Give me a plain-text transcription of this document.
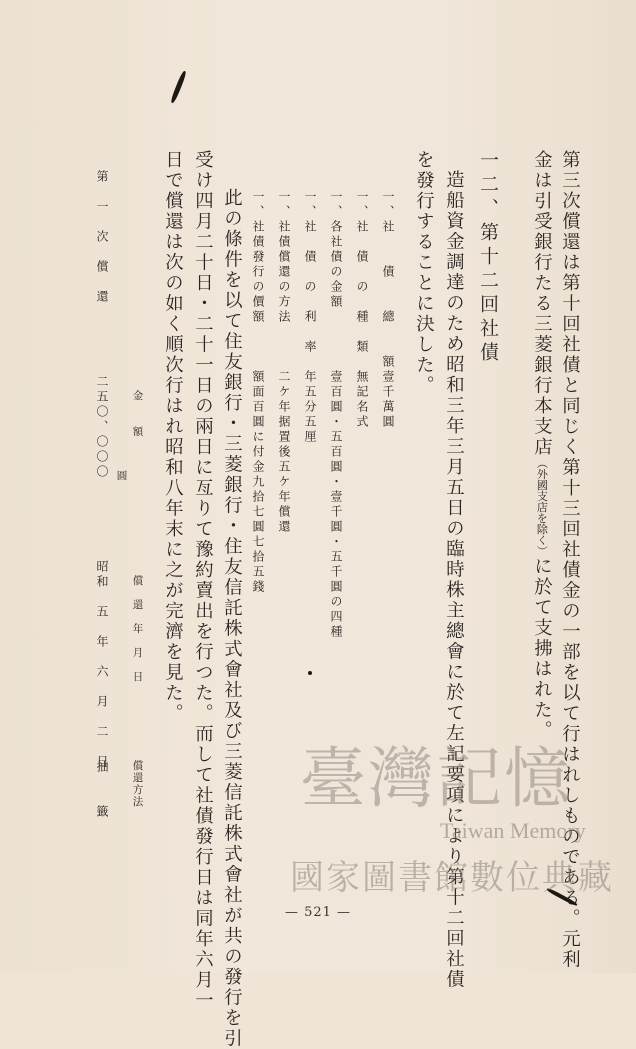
第三次償還は第十回社債と同じく第十三回社債金の一部を以て行はれしものである。元利
金は引受銀行たる三菱銀行本支店（外國支店を除く）に於て支拂はれた。
一二、第十二回社債
造船資金調達のため昭和三年三月五日の臨時株主總會に於て左記要項により第十二回社債
を發行することに決した。
一、社　　債　　總　　額
壹千萬圓
一、社　債　の　種　類
無記名式
一、各社債の金額
壹百圓・五百圓・壹千圓・五千圓の四種
一、社　債　の　利　率
年五分五厘
一、社債償還の方法
二ケ年据置後五ケ年償還
一、社債發行の價額
額面百圓に付金九拾七圓七拾五錢
此の條件を以て住友銀行・三菱銀行・住友信託株式會社及び三菱信託株式會社が共の發行を引
受け四月二十日・二十一日の兩日に亙りて豫約賣出を行つた。而して社債發行日は同年六月一
日で償還は次の如く順次行はれ昭和八年末に之が完濟を見た。
金　　額
圓
償　還　年　月　日
償還方法
第　一　次　償　還
二五〇、〇〇〇
昭和　五　年　六　月　二　日
抽　　籤
— 521 —
臺灣記憶
Taiwan Memory
國家圖書館數位典藏
